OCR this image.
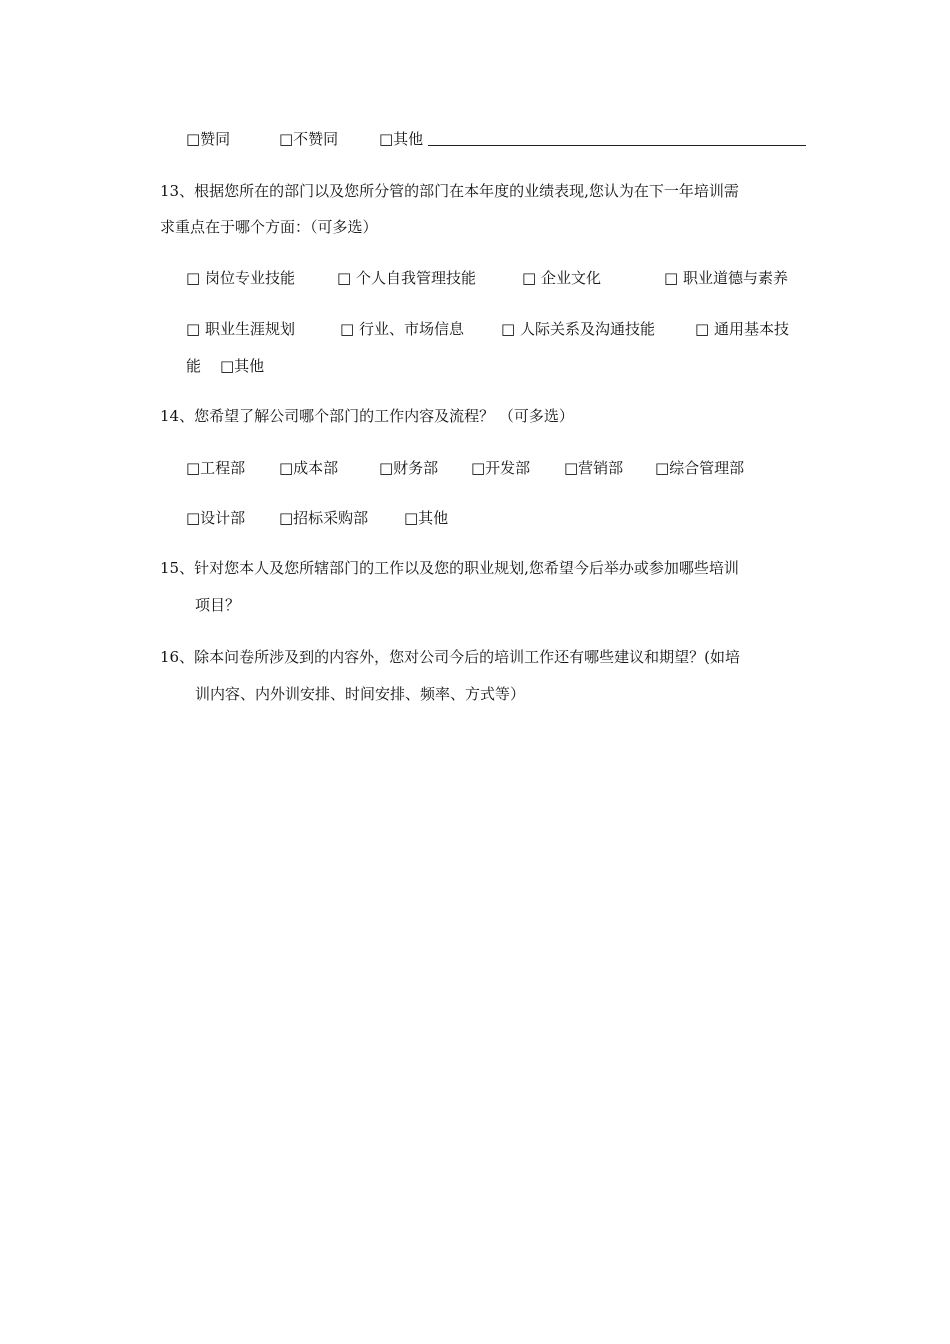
□赞同	□不赞同	□其他
13、根据您所在的部门以及您所分管的部门在本年度的业绩表现,您认为在下一年培训需
求重点在于哪个方面：（可多选）
□ 岗位专业技能	□ 个人自我管理技能	□ 企业文化	□ 职业道德与素养
□ 职业生涯规划	□ 行业、市场信息 □ 人际关系及沟通技能	□ 通用基本技
能 □其他
14、您希望了解公司哪个部门的工作内容及流程？ （可多选）
□工程部 □成本部	□财务部 □开发部 □营销部 □综合管理部
□设计部 □招标采购部 □其他
15、针对您本人及您所辖部门的工作以及您的职业规划,您希望今后举办或参加哪些培训
项目？
16、除本问卷所涉及到的内容外，您对公司今后的培训工作还有哪些建议和期望？(如培
训内容、内外训安排、时间安排、频率、方式等）
